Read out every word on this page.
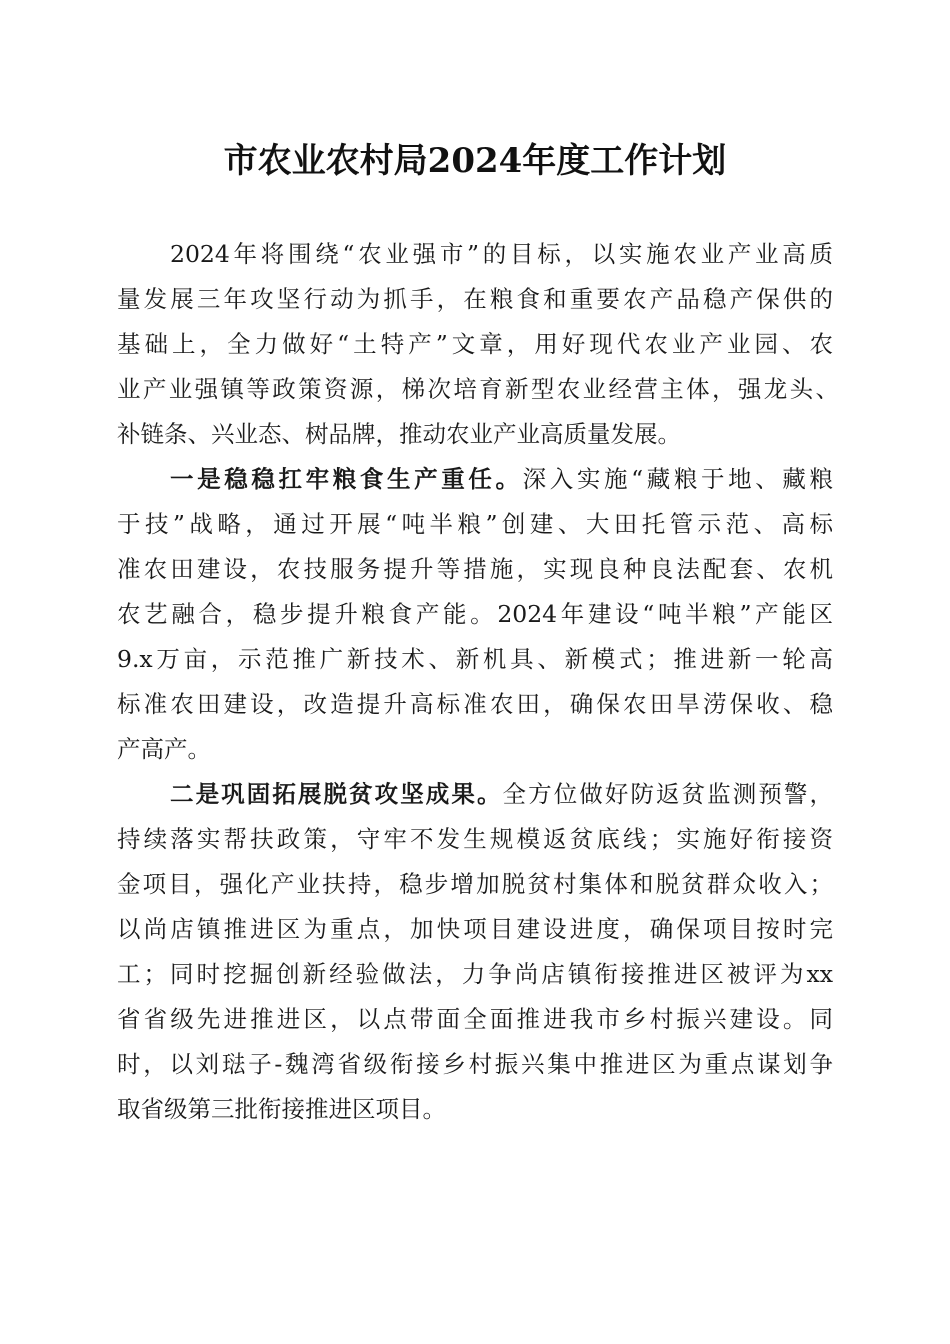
市农业农村局2024年度工作计划

2024年将围绕“农业强市”的目标，以实施农业产业高质

量发展三年攻坚行动为抓手，在粮食和重要农产品稳产保供的

基础上，全力做好“土特产”文章，用好现代农业产业园、农

业产业强镇等政策资源，梯次培育新型农业经营主体，强龙头、

补链条、兴业态、树品牌，推动农业产业高质量发展。

一是稳稳扛牢粮食生产重任。深入实施“藏粮于地、藏粮

于技”战略，通过开展“吨半粮”创建、大田托管示范、高标

准农田建设，农技服务提升等措施，实现良种良法配套、农机

农艺融合，稳步提升粮食产能。2024年建设“吨半粮”产能区

9.x万亩，示范推广新技术、新机具、新模式；推进新一轮高

标准农田建设，改造提升高标准农田，确保农田旱涝保收、稳

产高产。

二是巩固拓展脱贫攻坚成果。全方位做好防返贫监测预警，

持续落实帮扶政策，守牢不发生规模返贫底线；实施好衔接资

金项目，强化产业扶持，稳步增加脱贫村集体和脱贫群众收入；

以尚店镇推进区为重点，加快项目建设进度，确保项目按时完

工；同时挖掘创新经验做法，力争尚店镇衔接推进区被评为xx

省省级先进推进区，以点带面全面推进我市乡村振兴建设。同

时，以刘琺子-魏湾省级衔接乡村振兴集中推进区为重点谋划争

取省级第三批衔接推进区项目。
